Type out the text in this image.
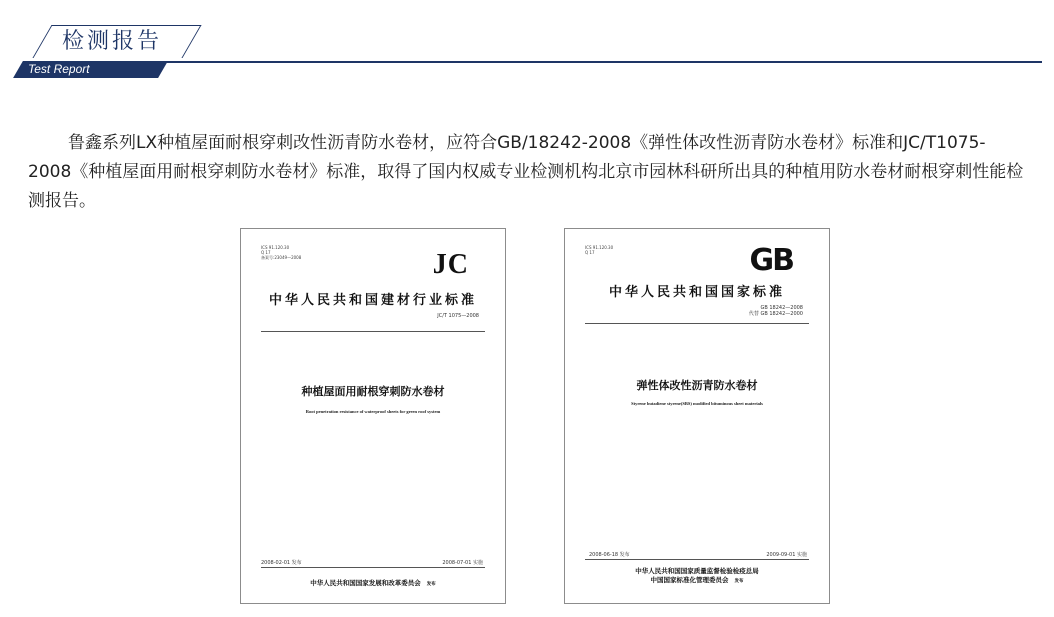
检测报告
Test Report

鲁鑫系列LX种植屋面耐根穿刺改性沥青防水卷材，应符合GB/18242-2008《弹性体改性沥青防水卷材》标准和JC/T1075-2008《种植屋面用耐根穿刺防水卷材》标准，取得了国内权威专业检测机构北京市园林科研所出具的种植用防水卷材耐根穿刺性能检测报告。

ICS 91.120.30
Q 17
备案号:23049—2008	JC
中华人民共和国建材行业标准
JC/T 1075—2008
种植屋面用耐根穿刺防水卷材
Root penetration resistance of waterproof sheets for green roof system
2008-02-01 发布	2008-07-01 实施
中华人民共和国国家发展和改革委员会 发布
ICS 91.120.30
Q 17	GB
中华人民共和国国家标准
GB 18242—2008
代替 GB 18242—2000
弹性体改性沥青防水卷材
Styrene butadiene styrene(SBS) modified bituminous sheet materials
2008-06-18 发布	2009-09-01 实施
中华人民共和国国家质量监督检验检疫总局
中国国家标准化管理委员会 发布
